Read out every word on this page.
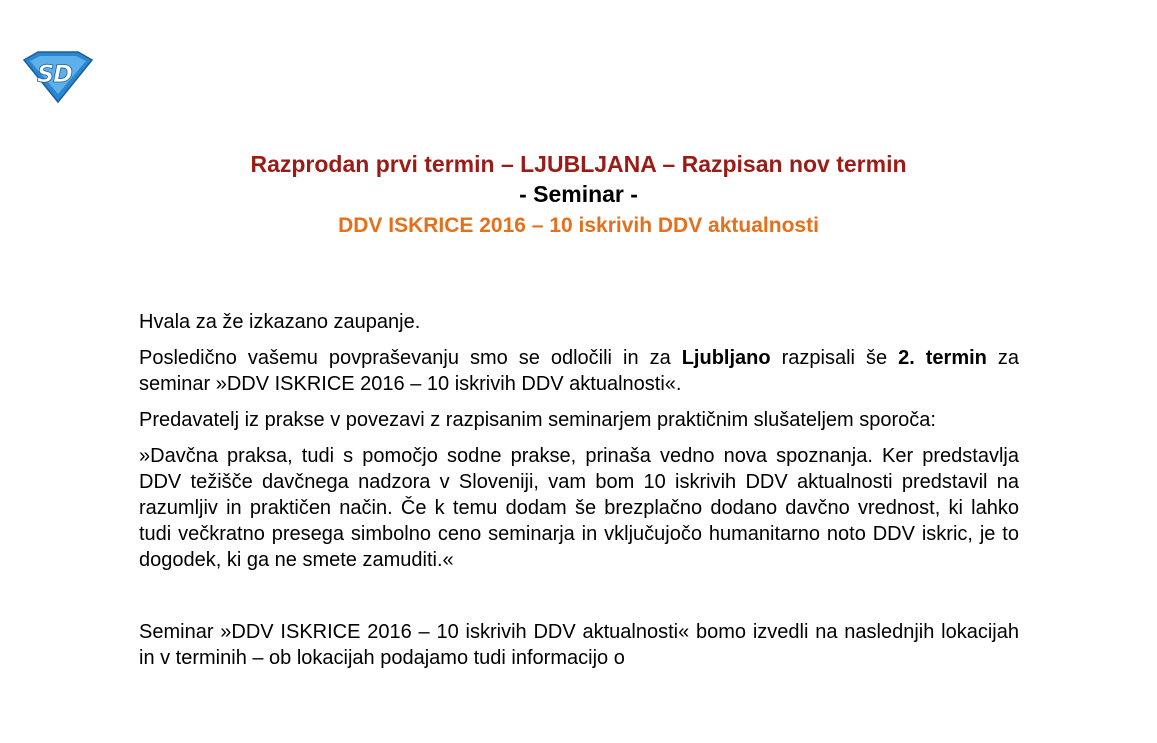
S
D
Razprodan prvi termin – LJUBLJANA – Razpisan nov termin
- Seminar -
DDV ISKRICE 2016 – 10 iskrivih DDV aktualnosti

Hvala za že izkazano zaupanje.

Posledično vašemu povpraševanju smo se odločili in za Ljubljano razpisali še 2. termin za seminar »DDV ISKRICE 2016 – 10 iskrivih DDV aktualnosti«.

Predavatelj iz prakse v povezavi z razpisanim seminarjem praktičnim slušateljem sporoča:

»Davčna praksa, tudi s pomočjo sodne prakse, prinaša vedno nova spoznanja. Ker predstavlja DDV težišče davčnega nadzora v Sloveniji, vam bom 10 iskrivih DDV aktualnosti predstavil na razumljiv in praktičen način. Če k temu dodam še brezplačno dodano davčno vrednost, ki lahko tudi večkratno presega simbolno ceno seminarja in vključujočo humanitarno noto DDV iskric, je to dogodek, ki ga ne smete zamuditi.«

Seminar »DDV ISKRICE 2016 – 10 iskrivih DDV aktualnosti« bomo izvedli na naslednjih lokacijah in v terminih – ob lokacijah podajamo tudi informacijo o
